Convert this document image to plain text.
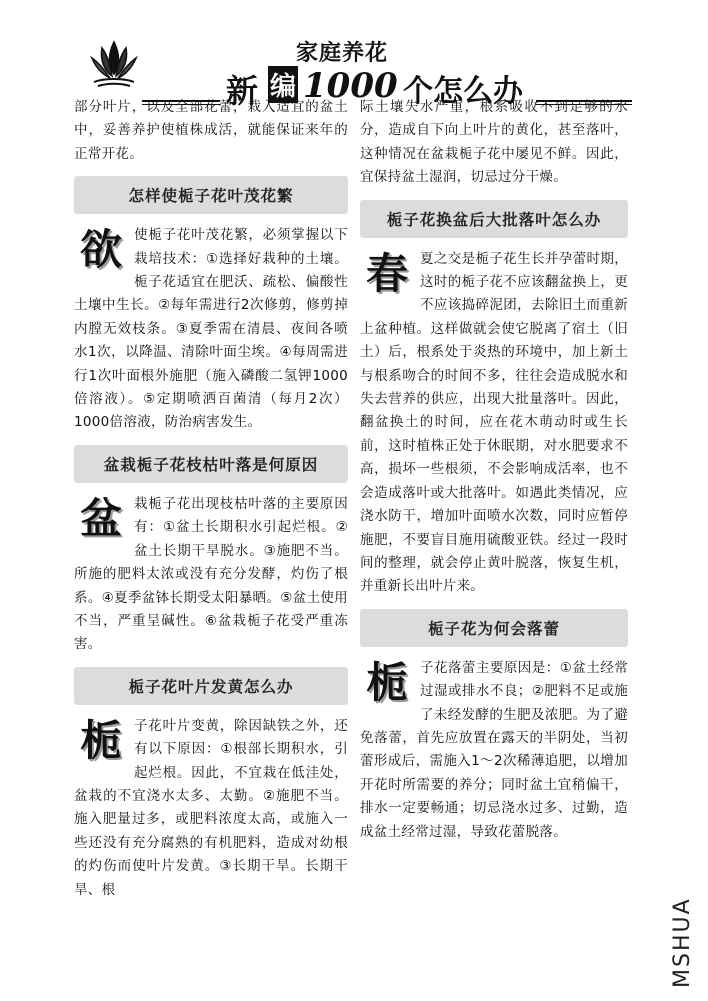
家庭养花
新 编 1000 个怎么办

部分叶片，以及全部花蕾，栽入适宜的盆土中，妥善养护使植株成活，就能保证来年的正常开花。

怎样使栀子花叶茂花繁
欲 使栀子花叶茂花繁，必须掌握以下栽培技术：①选择好栽种的土壤。栀子花适宜在肥沃、疏松、偏酸性土壤中生长。②每年需进行2次修剪，修剪掉内膛无效枝条。③夏季需在清晨、夜间各喷水1次，以降温、清除叶面尘埃。④每周需进行1次叶面根外施肥（施入磷酸二氢钾1000倍溶液）。⑤定期喷洒百菌清（每月2次）1000倍溶液，防治病害发生。

盆栽栀子花枝枯叶落是何原因
盆 栽栀子花出现枝枯叶落的主要原因有：①盆土长期积水引起烂根。②盆土长期干旱脱水。③施肥不当。所施的肥料太浓或没有充分发酵，灼伤了根系。④夏季盆钵长期受太阳暴晒。⑤盆土使用不当，严重呈碱性。⑥盆栽栀子花受严重冻害。

栀子花叶片发黄怎么办
栀 子花叶片变黄，除因缺铁之外，还有以下原因：①根部长期积水，引起烂根。因此，不宜栽在低洼处，盆栽的不宜浇水太多、太勤。②施肥不当。施入肥量过多，或肥料浓度太高，或施入一些还没有充分腐熟的有机肥料，造成对幼根的灼伤而使叶片发黄。③长期干旱。长期干旱、根

际土壤失水严重，根系吸收不到足够的水分，造成自下向上叶片的黄化，甚至落叶，这种情况在盆栽栀子花中屡见不鲜。因此，宜保持盆土湿润，切忌过分干燥。

栀子花换盆后大批落叶怎么办
春 夏之交是栀子花生长并孕蕾时期，这时的栀子花不应该翻盆换上，更不应该捣碎泥团，去除旧土而重新上盆种植。这样做就会使它脱离了宿土（旧土）后，根系处于炎热的环境中，加上新土与根系吻合的时间不多，往往会造成脱水和失去营养的供应，出现大批量落叶。因此，翻盆换土的时间，应在花木萌动时或生长前，这时植株正处于休眠期，对水肥要求不高，损坏一些根须，不会影响成活率，也不会造成落叶或大批落叶。如遇此类情况，应浇水防干，增加叶面喷水次数，同时应暂停施肥，不要盲目施用硫酸亚铁。经过一段时间的整理，就会停止黄叶脱落，恢复生机，并重新长出叶片来。

栀子花为何会落蕾
栀 子花落蕾主要原因是：①盆土经常过湿或排水不良；②肥料不足或施了未经发酵的生肥及浓肥。为了避免落蕾，首先应放置在露天的半阴处，当初蕾形成后，需施入1～2次稀薄追肥，以增加开花时所需要的养分；同时盆土宜稍偏干，排水一定要畅通；切忌浇水过多、过勤，造成盆土经常过湿，导致花蕾脱落。

MSHUA
